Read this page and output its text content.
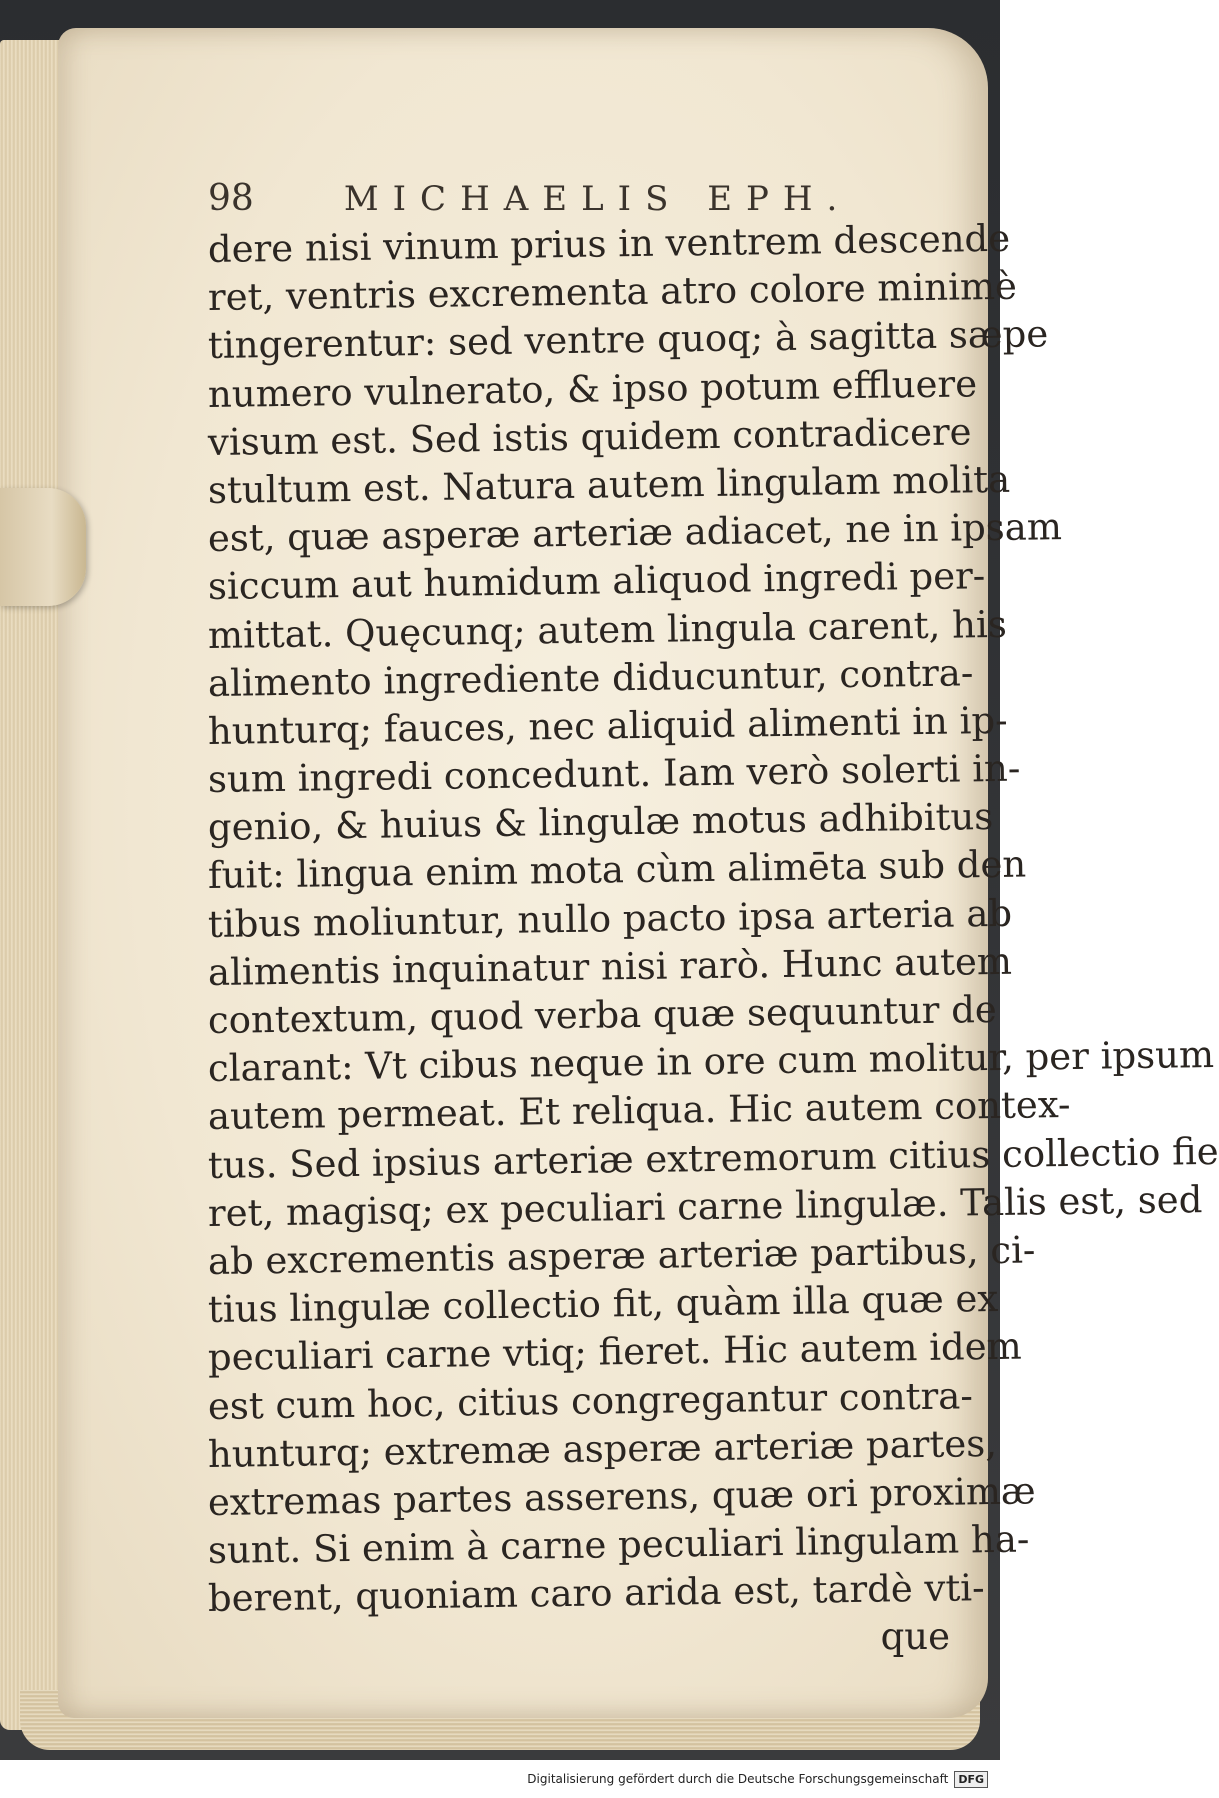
98	MICHAELIS EPH.
dere nisi vinum prius in ventrem descende
ret, ventris excrementa atro colore minimè
tingerentur: sed ventre quoq; à sagitta sæpe
numero vulnerato, & ipso potum effluere
visum est. Sed istis quidem contradicere
stultum est. Natura autem lingulam molita
est, quæ asperæ arteriæ adiacet, ne in ipsam
siccum aut humidum aliquod ingredi per-
mittat. Quęcunq; autem lingula carent, his
alimento ingrediente diducuntur, contra-
hunturq; fauces, nec aliquid alimenti in ip-
sum ingredi concedunt. Iam verò solerti in-
genio, & huius & lingulæ motus adhibitus
fuit: lingua enim mota cùm alimēta sub den
tibus moliuntur, nullo pacto ipsa arteria ab
alimentis inquinatur nisi rarò. Hunc autem
contextum, quod verba quæ sequuntur de
clarant: Vt cibus neque in ore cum molitur, per ipsum
autem permeat. Et reliqua. Hic autem contex-
tus. Sed ipsius arteriæ extremorum citius collectio fie
ret, magisq; ex peculiari carne lingulæ. Talis est, sed
ab excrementis asperæ arteriæ partibus, ci-
tius lingulæ collectio fit, quàm illa quæ ex
peculiari carne vtiq; fieret. Hic autem idem
est cum hoc, citius congregantur contra-
hunturq; extremæ asperæ arteriæ partes,
extremas partes asserens, quæ ori proximæ
sunt. Si enim à carne peculiari lingulam ha-
berent, quoniam caro arida est, tardè vti-
que
Digitalisierung gefördert durch die Deutsche Forschungsgemeinschaft DFG
